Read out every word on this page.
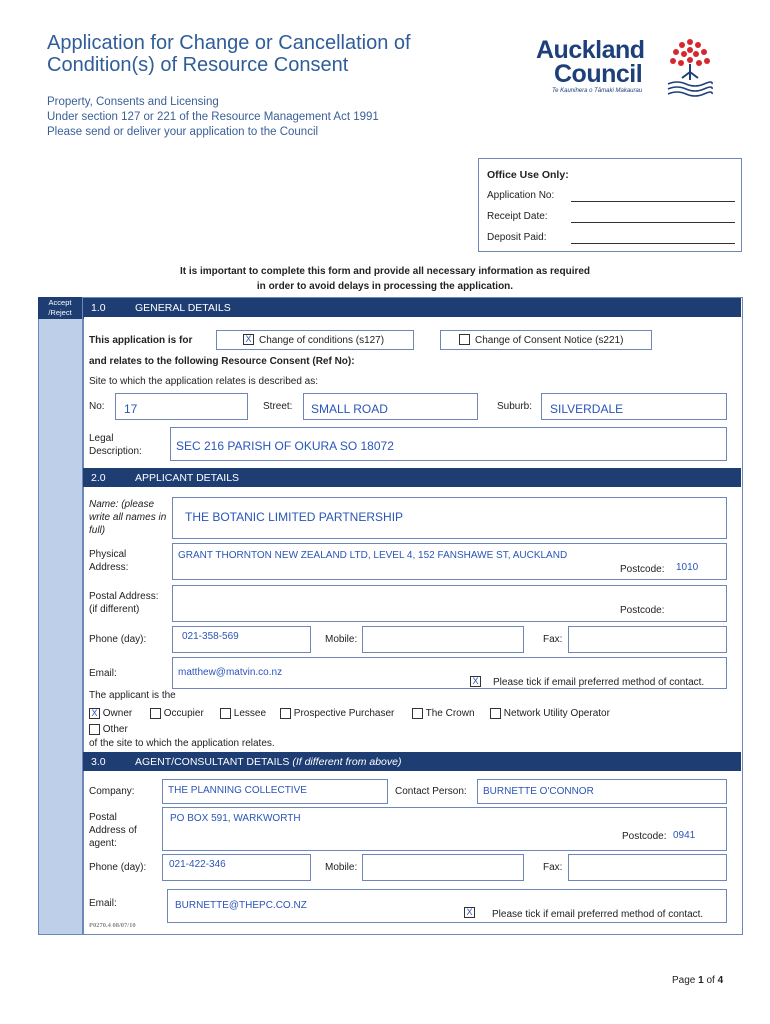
Application for Change or Cancellation of Condition(s) of Resource Consent
Property, Consents and Licensing
Under section 127 or 221 of the Resource Management Act 1991
Please send or deliver your application to the Council
Auckland
Council
Te Kaunihera o Tāmaki Makaurau
Office Use Only:
Application No:
Receipt Date:
Deposit Paid:
It is important to complete this form and provide all necessary information as required
in order to avoid delays in processing the application.
Accept /Reject	1.0	GENERAL DETAILS
This application is for	X Change of conditions (s127)	Change of Consent Notice (s221)
and relates to the following Resource Consent (Ref No):
Site to which the application relates is described as:
No: 17	Street: SMALL ROAD	Suburb: SILVERDALE
Legal Description:	SEC 216 PARISH OF OKURA SO 18072
2.0	APPLICANT DETAILS
Name: (please write all names in full)
THE BOTANIC LIMITED PARTNERSHIP
Physical Address:
GRANT THORNTON NEW ZEALAND LTD, LEVEL 4, 152 FANSHAWE ST, AUCKLAND
Postcode: 1010
Postal Address: (if different)	Postcode:
Phone (day):	021-358-569	Mobile:	Fax:
Email:	matthew@matvin.co.nz
X Please tick if email preferred method of contact.
The applicant is the
X Owner	Occupier	Lessee	Prospective Purchaser	The Crown	Network Utility Operator
Other
of the site to which the application relates.
3.0	AGENT/CONSULTANT DETAILS (If different from above)
Company:	THE PLANNING COLLECTIVE	Contact Person: BURNETTE O'CONNOR
Postal Address of agent:
PO BOX 591, WARKWORTH
Postcode: 0941
Phone (day): 021-422-346	Mobile:	Fax:
Email:	BURNETTE@THEPC.CO.NZ
X Please tick if email preferred method of contact.
P0270.4 08/07/10
Page 1 of 4
